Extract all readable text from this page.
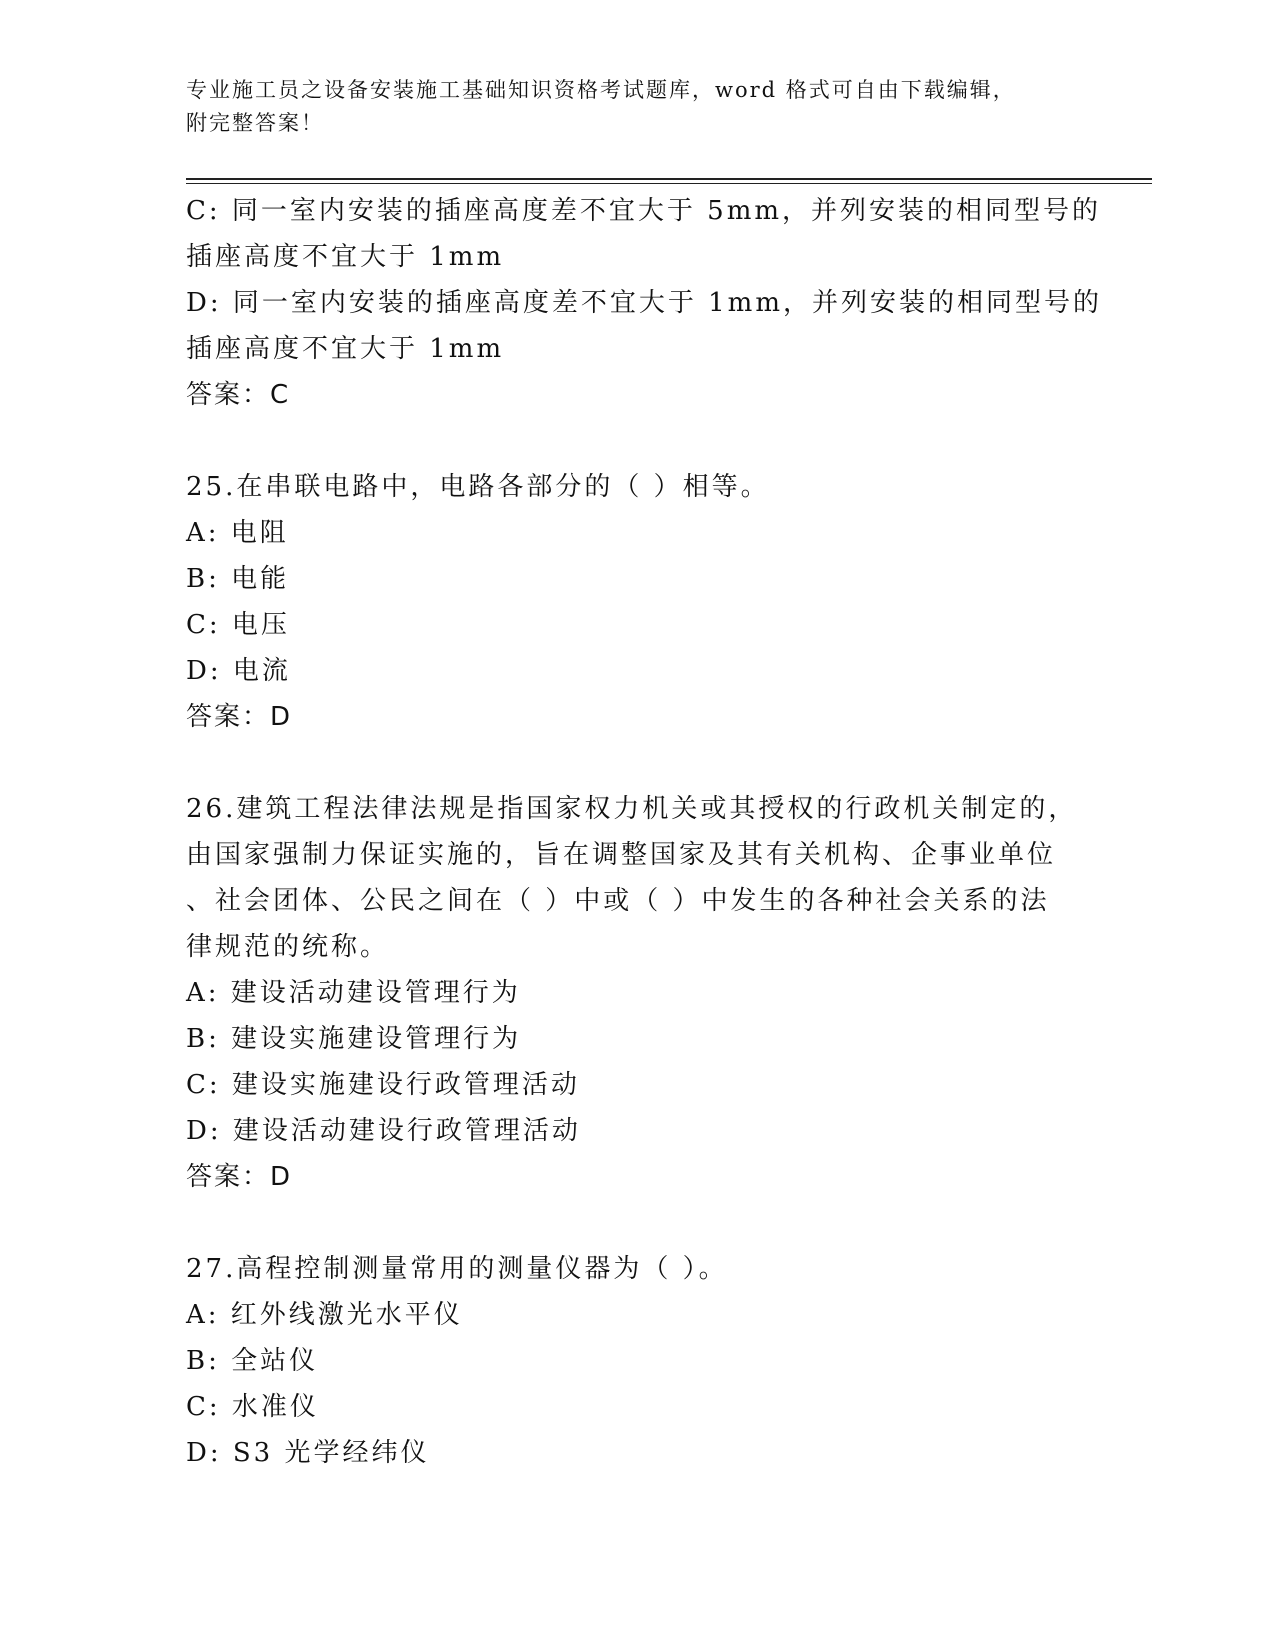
专业施工员之设备安装施工基础知识资格考试题库，word 格式可自由下载编辑，
附完整答案！
C: 同一室内安装的插座高度差不宜大于 5mm，并列安装的相同型号的
插座高度不宜大于 1mm
D: 同一室内安装的插座高度差不宜大于 1mm，并列安装的相同型号的
插座高度不宜大于 1mm
答案：C
25.在串联电路中，电路各部分的（ ）相等。
A: 电阻
B: 电能
C: 电压
D: 电流
答案：D
26.建筑工程法律法规是指国家权力机关或其授权的行政机关制定的，
由国家强制力保证实施的，旨在调整国家及其有关机构、企事业单位
、社会团体、公民之间在（ ）中或（ ）中发生的各种社会关系的法
律规范的统称。
A: 建设活动建设管理行为
B: 建设实施建设管理行为
C: 建设实施建设行政管理活动
D: 建设活动建设行政管理活动
答案：D
27.高程控制测量常用的测量仪器为（ ）。
A: 红外线激光水平仪
B: 全站仪
C: 水准仪
D: S3 光学经纬仪
